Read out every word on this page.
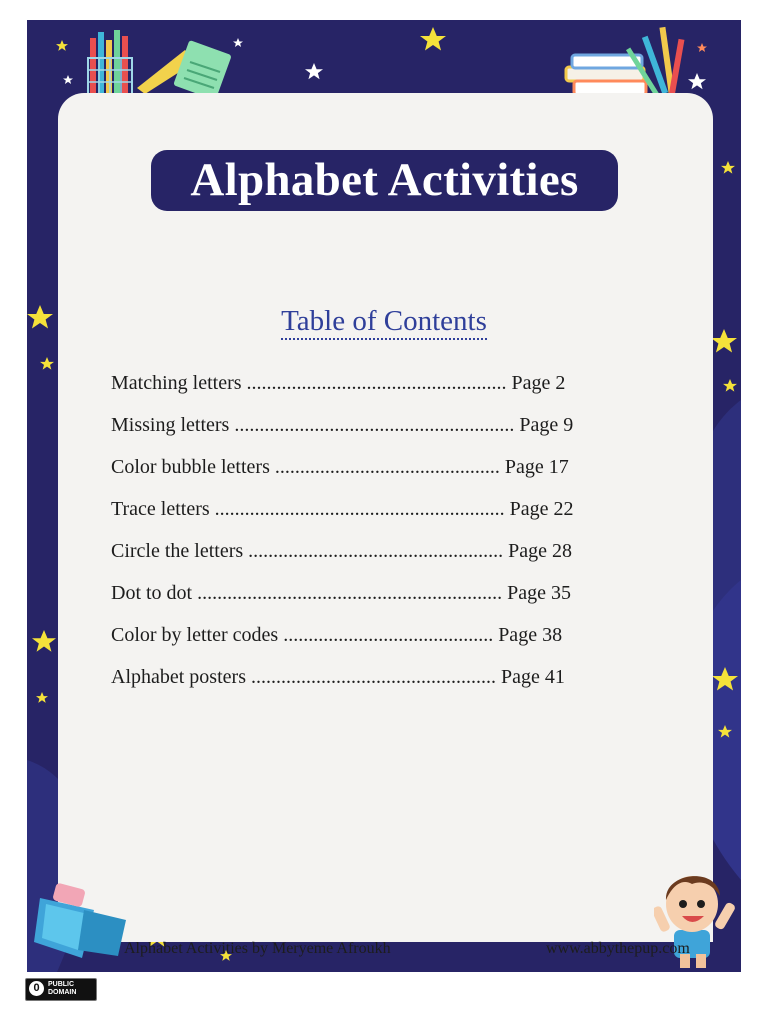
Alphabet Activities
Table of Contents
Matching letters .................................................... Page 2
Missing letters ........................................................ Page 9
Color bubble letters ............................................. Page 17
Trace letters .......................................................... Page 22
Circle the letters ................................................... Page 28
Dot to dot ............................................................. Page 35
Color by letter codes .......................................... Page 38
Alphabet posters ................................................. Page 41
Alphabet Activities by Meryeme Afroukh	www.abbythepup.com
0	PUBLIC
DOMAIN
